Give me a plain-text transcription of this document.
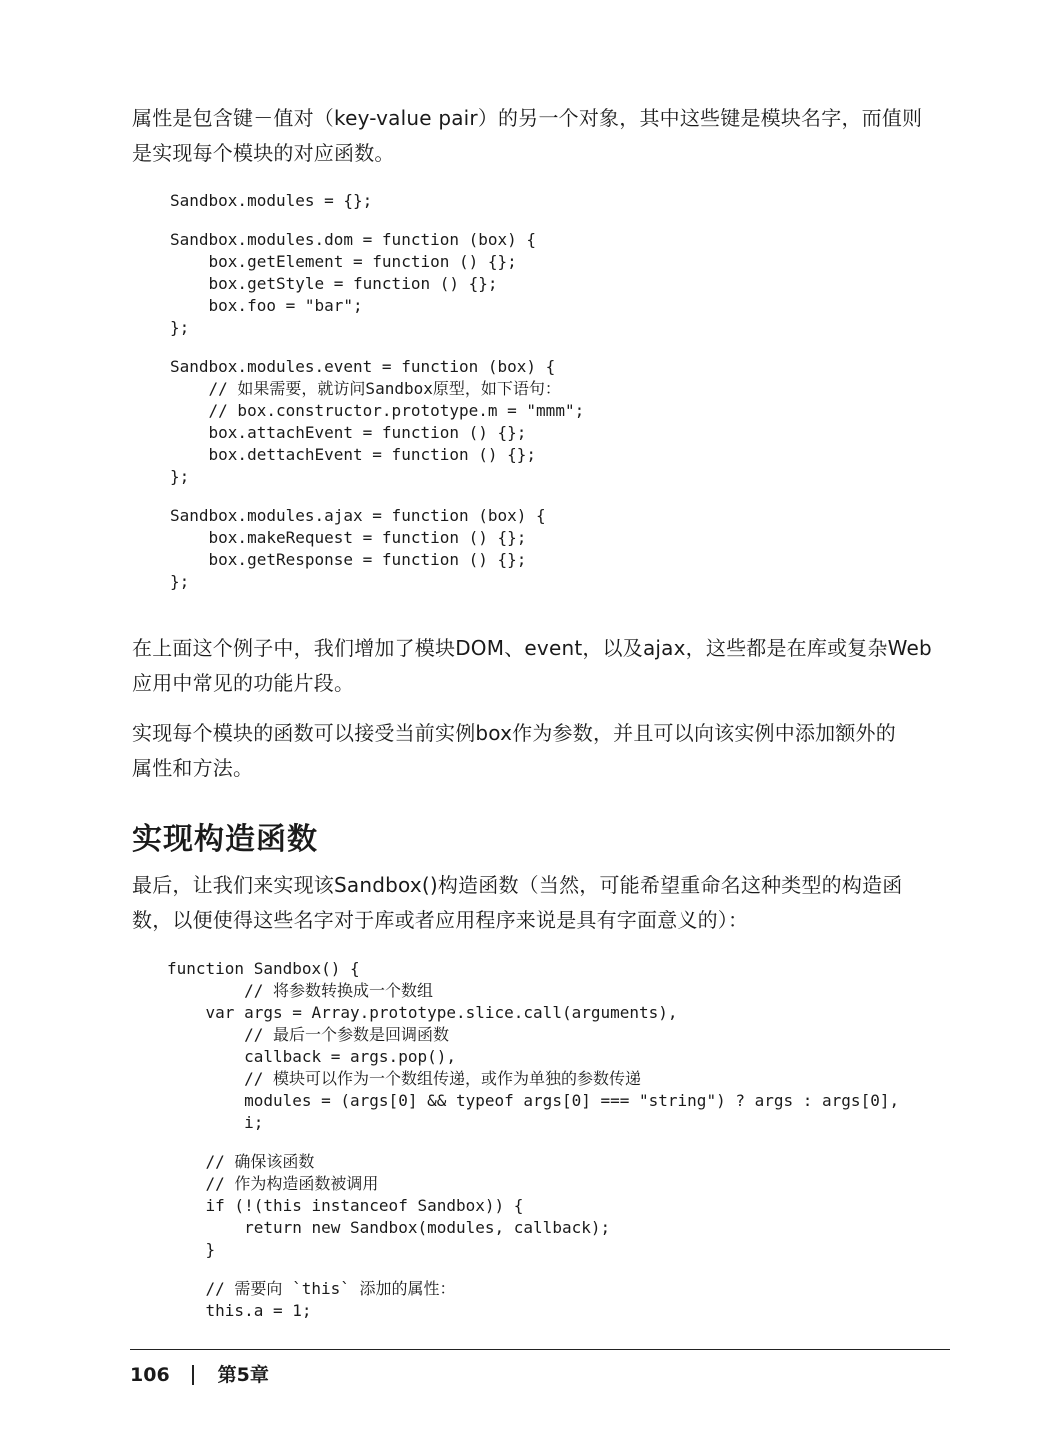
属性是包含键－值对（key-value pair）的另一个对象，其中这些键是模块名字，而值则
是实现每个模块的对应函数。

Sandbox.modules = {};
Sandbox.modules.dom = function (box) {
box.getElement = function () {};
box.getStyle = function () {};
box.foo = "bar";
};
Sandbox.modules.event = function (box) {
// 如果需要，就访问Sandbox原型，如下语句：
// box.constructor.prototype.m = "mmm";
box.attachEvent = function () {};
box.dettachEvent = function () {};
};
Sandbox.modules.ajax = function (box) {
box.makeRequest = function () {};
box.getResponse = function () {};
};

在上面这个例子中，我们增加了模块DOM、event，以及ajax，这些都是在库或复杂Web
应用中常见的功能片段。

实现每个模块的函数可以接受当前实例box作为参数，并且可以向该实例中添加额外的
属性和方法。

实现构造函数

最后，让我们来实现该Sandbox()构造函数（当然，可能希望重命名这种类型的构造函
数，以便使得这些名字对于库或者应用程序来说是具有字面意义的）：

function Sandbox() {
// 将参数转换成一个数组
var args = Array.prototype.slice.call(arguments),
// 最后一个参数是回调函数
callback = args.pop(),
// 模块可以作为一个数组传递，或作为单独的参数传递
modules = (args[0] && typeof args[0] === "string") ? args : args[0],
i;
// 确保该函数
// 作为构造函数被调用
if (!(this instanceof Sandbox)) {
return new Sandbox(modules, callback);
}
// 需要向 `this` 添加的属性：
this.a = 1;
106	第5章
